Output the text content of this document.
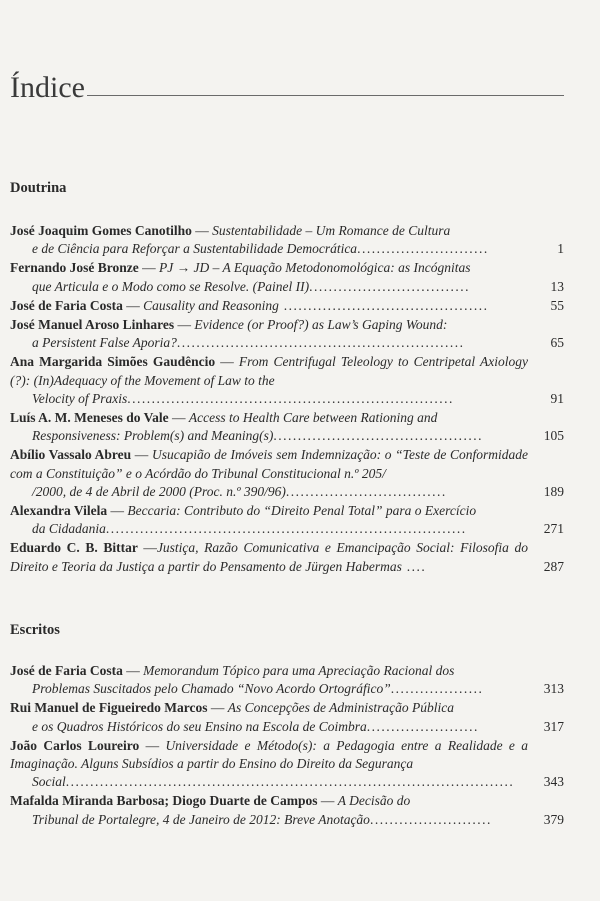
Índice
Doutrina
José Joaquim Gomes Canotilho — Sustentabilidade – Um Romance de Cultura
e de Ciência para Reforçar a Sustentabilidade Democrática...........................	1
Fernando José Bronze — PJ → JD – A Equação Metodonomológica: as Incógnitas
que Articula e o Modo como se Resolve. (Painel II).................................	13
José de Faria Costa — Causality and Reasoning ..........................................	55
José Manuel Aroso Linhares — Evidence (or Proof?) as Law’s Gaping Wound:
a Persistent False Aporia?...........................................................	65
Ana Margarida Simões Gaudêncio — From Centrifugal Teleology to Centripetal Axiology (?): (In)Adequacy of the Movement of Law to the
Velocity of Praxis...................................................................	91
Luís A. M. Meneses do Vale — Access to Health Care between Rationing and
Responsiveness: Problem(s) and Meaning(s)...........................................	105
Abílio Vassalo Abreu — Usucapião de Imóveis sem Indemnização: o “Teste de Conformidade com a Constituição” e o Acórdão do Tribunal Constitucional n.º 205/
/2000, de 4 de Abril de 2000 (Proc. n.º 390/96).................................	189
Alexandra Vilela — Beccaria: Contributo do “Direito Penal Total” para o Exercício
da Cidadania..........................................................................	271
Eduardo C. B. Bittar —Justiça, Razão Comunicativa e Emancipação Social: Filosofia do Direito e Teoria da Justiça a partir do Pensamento de Jürgen Habermas ....	287
Escritos
José de Faria Costa — Memorandum Tópico para uma Apreciação Racional dos
Problemas Suscitados pelo Chamado “Novo Acordo Ortográfico”...................	313
Rui Manuel de Figueiredo Marcos — As Concepções de Administração Pública
e os Quadros Históricos do seu Ensino na Escola de Coimbra.......................	317
João Carlos Loureiro — Universidade e Método(s): a Pedagogia entre a Realidade e a Imaginação. Alguns Subsídios a partir do Ensino do Direito da Segurança
Social............................................................................................	343
Mafalda Miranda Barbosa; Diogo Duarte de Campos — A Decisão do
Tribunal de Portalegre, 4 de Janeiro de 2012: Breve Anotação.........................	379
